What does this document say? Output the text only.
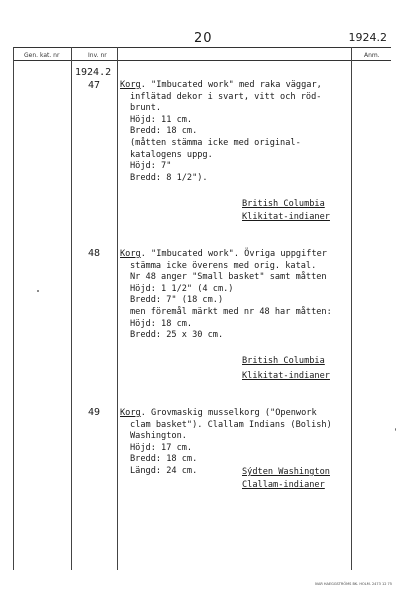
20	1924.2
Gen. kat. nr	Inv. nr	Anm.
1924.2
47 Korg. "Imbucated work" med raka väggar,
inflätad dekor i svart, vitt och röd-
brunt.
Höjd: 11 cm.
Bredd: 18 cm.
(måtten stämma icke med original-
katalogens uppg.
Höjd: 7"
Bredd: 8 1/2").
British Columbia
Klikitat-indianer
48 Korg. "Imbucated work". Övriga uppgifter
stämma icke överens med orig. katal.
Nr 48 anger "Small basket" samt måtten
Höjd: 1 1/2" (4 cm.)
Bredd: 7" (18 cm.)
men föremål märkt med nr 48 har måtten:
Höjd: 18 cm.
Bredd: 25 x 30 cm.
British Columbia
Klikitat-indianer
49 Korg. Grovmaskig musselkorg ("Openwork
clam basket"). Clallam Indians (Bolish)
Washington.
Höjd: 17 cm.
Bredd: 18 cm.
Längd: 24 cm.	Sýdten Washington
Clallam-indianer
IVAR HAEGGSTRÖMS BK. HOLM. 2473 12 75
